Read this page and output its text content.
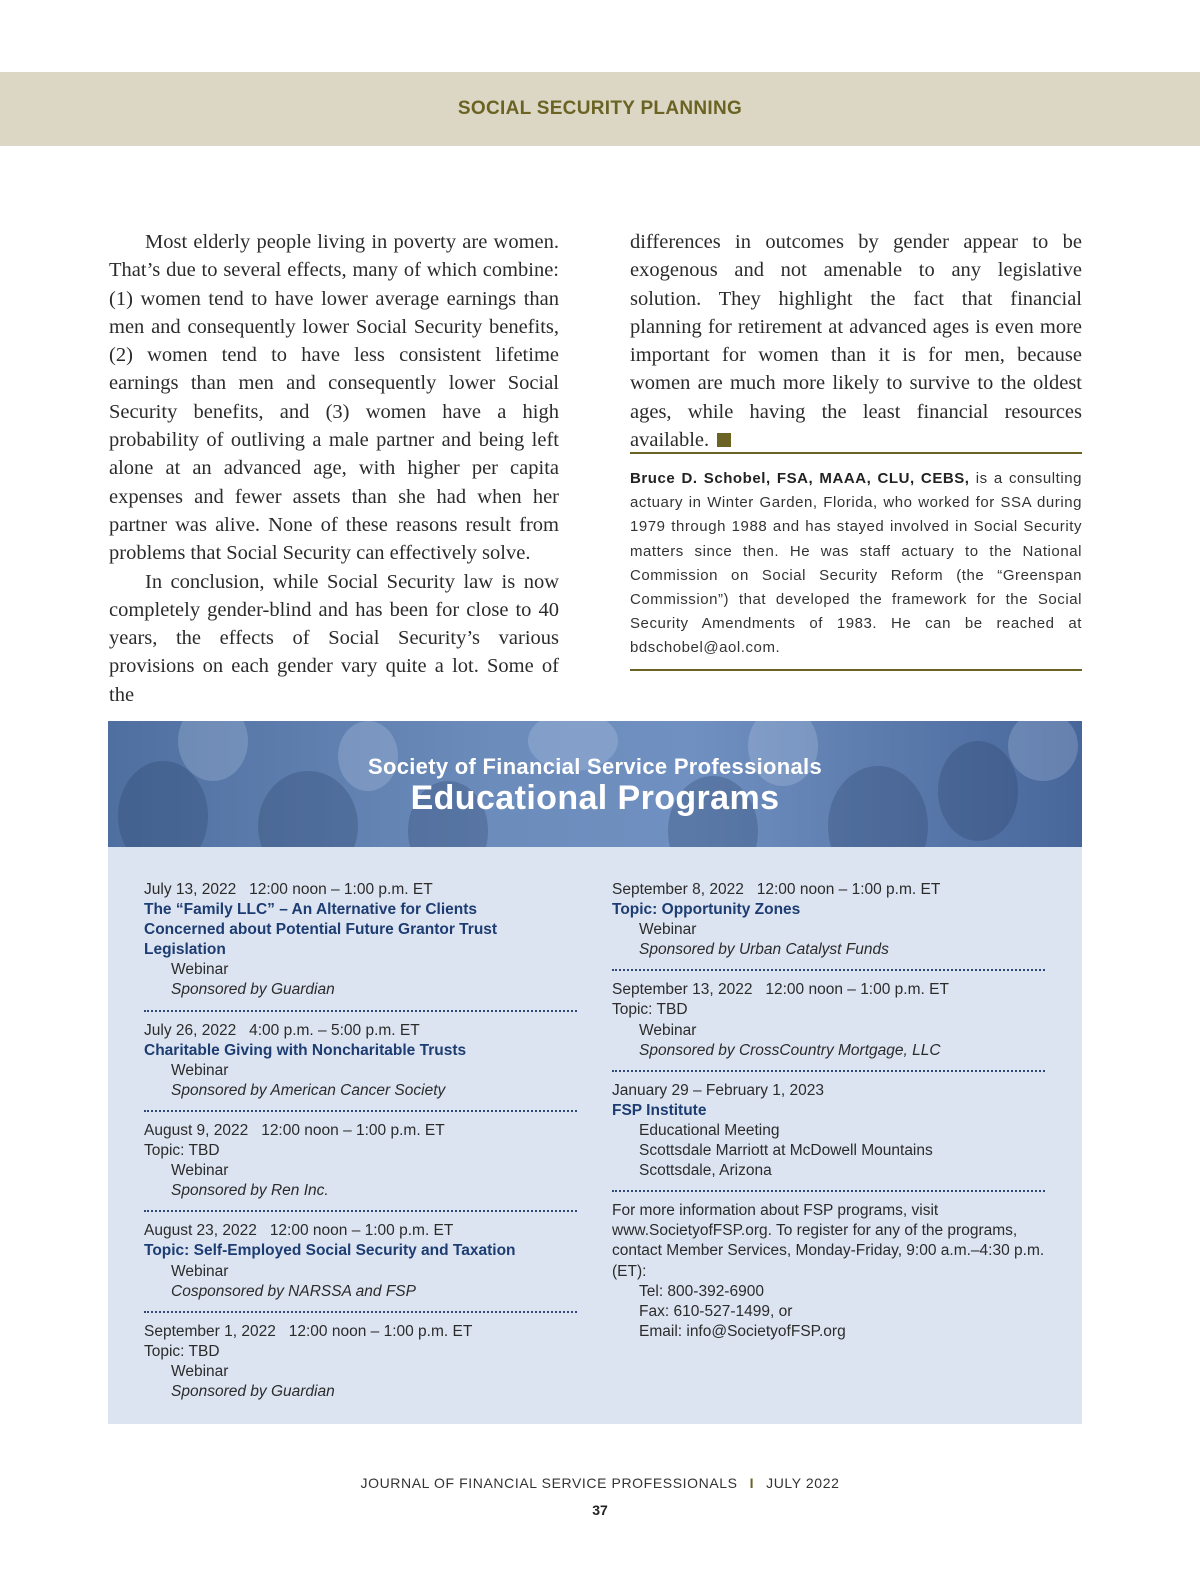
SOCIAL SECURITY PLANNING

Most elderly people living in poverty are women. That’s due to several effects, many of which combine: (1) women tend to have lower average earnings than men and consequently lower Social Security benefits, (2) women tend to have less consistent lifetime earnings than men and consequently lower Social Security benefits, and (3) women have a high probability of outliving a male partner and being left alone at an advanced age, with higher per capita expenses and fewer assets than she had when her partner was alive. None of these reasons result from problems that Social Security can effectively solve.

In conclusion, while Social Security law is now completely gender-blind and has been for close to 40 years, the effects of Social Security’s various provisions on each gender vary quite a lot. Some of the

differences in outcomes by gender appear to be exogenous and not amenable to any legislative solution. They highlight the fact that financial planning for retirement at advanced ages is even more important for women than it is for men, because women are much more likely to survive to the oldest ages, while having the least financial resources available.

Bruce D. Schobel, FSA, MAAA, CLU, CEBS, is a consulting actuary in Winter Garden, Florida, who worked for SSA during 1979 through 1988 and has stayed involved in Social Security matters since then. He was staff actuary to the National Commission on Social Security Reform (the “Greenspan Commission”) that developed the framework for the Social Security Amendments of 1983. He can be reached at bdschobel@aol.com.
Society of Financial Service Professionals
Educational Programs
July 13, 2022   12:00 noon – 1:00 p.m. ET
The “Family LLC” – An Alternative for Clients Concerned about Potential Future Grantor Trust Legislation
Webinar
Sponsored by Guardian
July 26, 2022   4:00 p.m. – 5:00 p.m. ET
Charitable Giving with Noncharitable Trusts
Webinar
Sponsored by American Cancer Society
August 9, 2022   12:00 noon – 1:00 p.m. ET
Topic: TBD
Webinar
Sponsored by Ren Inc.
August 23, 2022   12:00 noon – 1:00 p.m. ET
Topic: Self-Employed Social Security and Taxation
Webinar
Cosponsored by NARSSA and FSP
September 1, 2022   12:00 noon – 1:00 p.m. ET
Topic: TBD
Webinar
Sponsored by Guardian
September 8, 2022   12:00 noon – 1:00 p.m. ET
Topic: Opportunity Zones
Webinar
Sponsored by Urban Catalyst Funds
September 13, 2022   12:00 noon – 1:00 p.m. ET
Topic: TBD
Webinar
Sponsored by CrossCountry Mortgage, LLC
January 29 – February 1, 2023
FSP Institute
Educational Meeting
Scottsdale Marriott at McDowell Mountains
Scottsdale, Arizona
For more information about FSP programs, visit www.SocietyofFSP.org. To register for any of the programs, contact Member Services, Monday-Friday, 9:00 a.m.–4:30 p.m. (ET):
Tel: 800-392-6900
Fax: 610-527-1499, or
Email: info@SocietyofFSP.org
JOURNAL OF FINANCIAL SERVICE PROFESSIONALS I JULY 2022
37
